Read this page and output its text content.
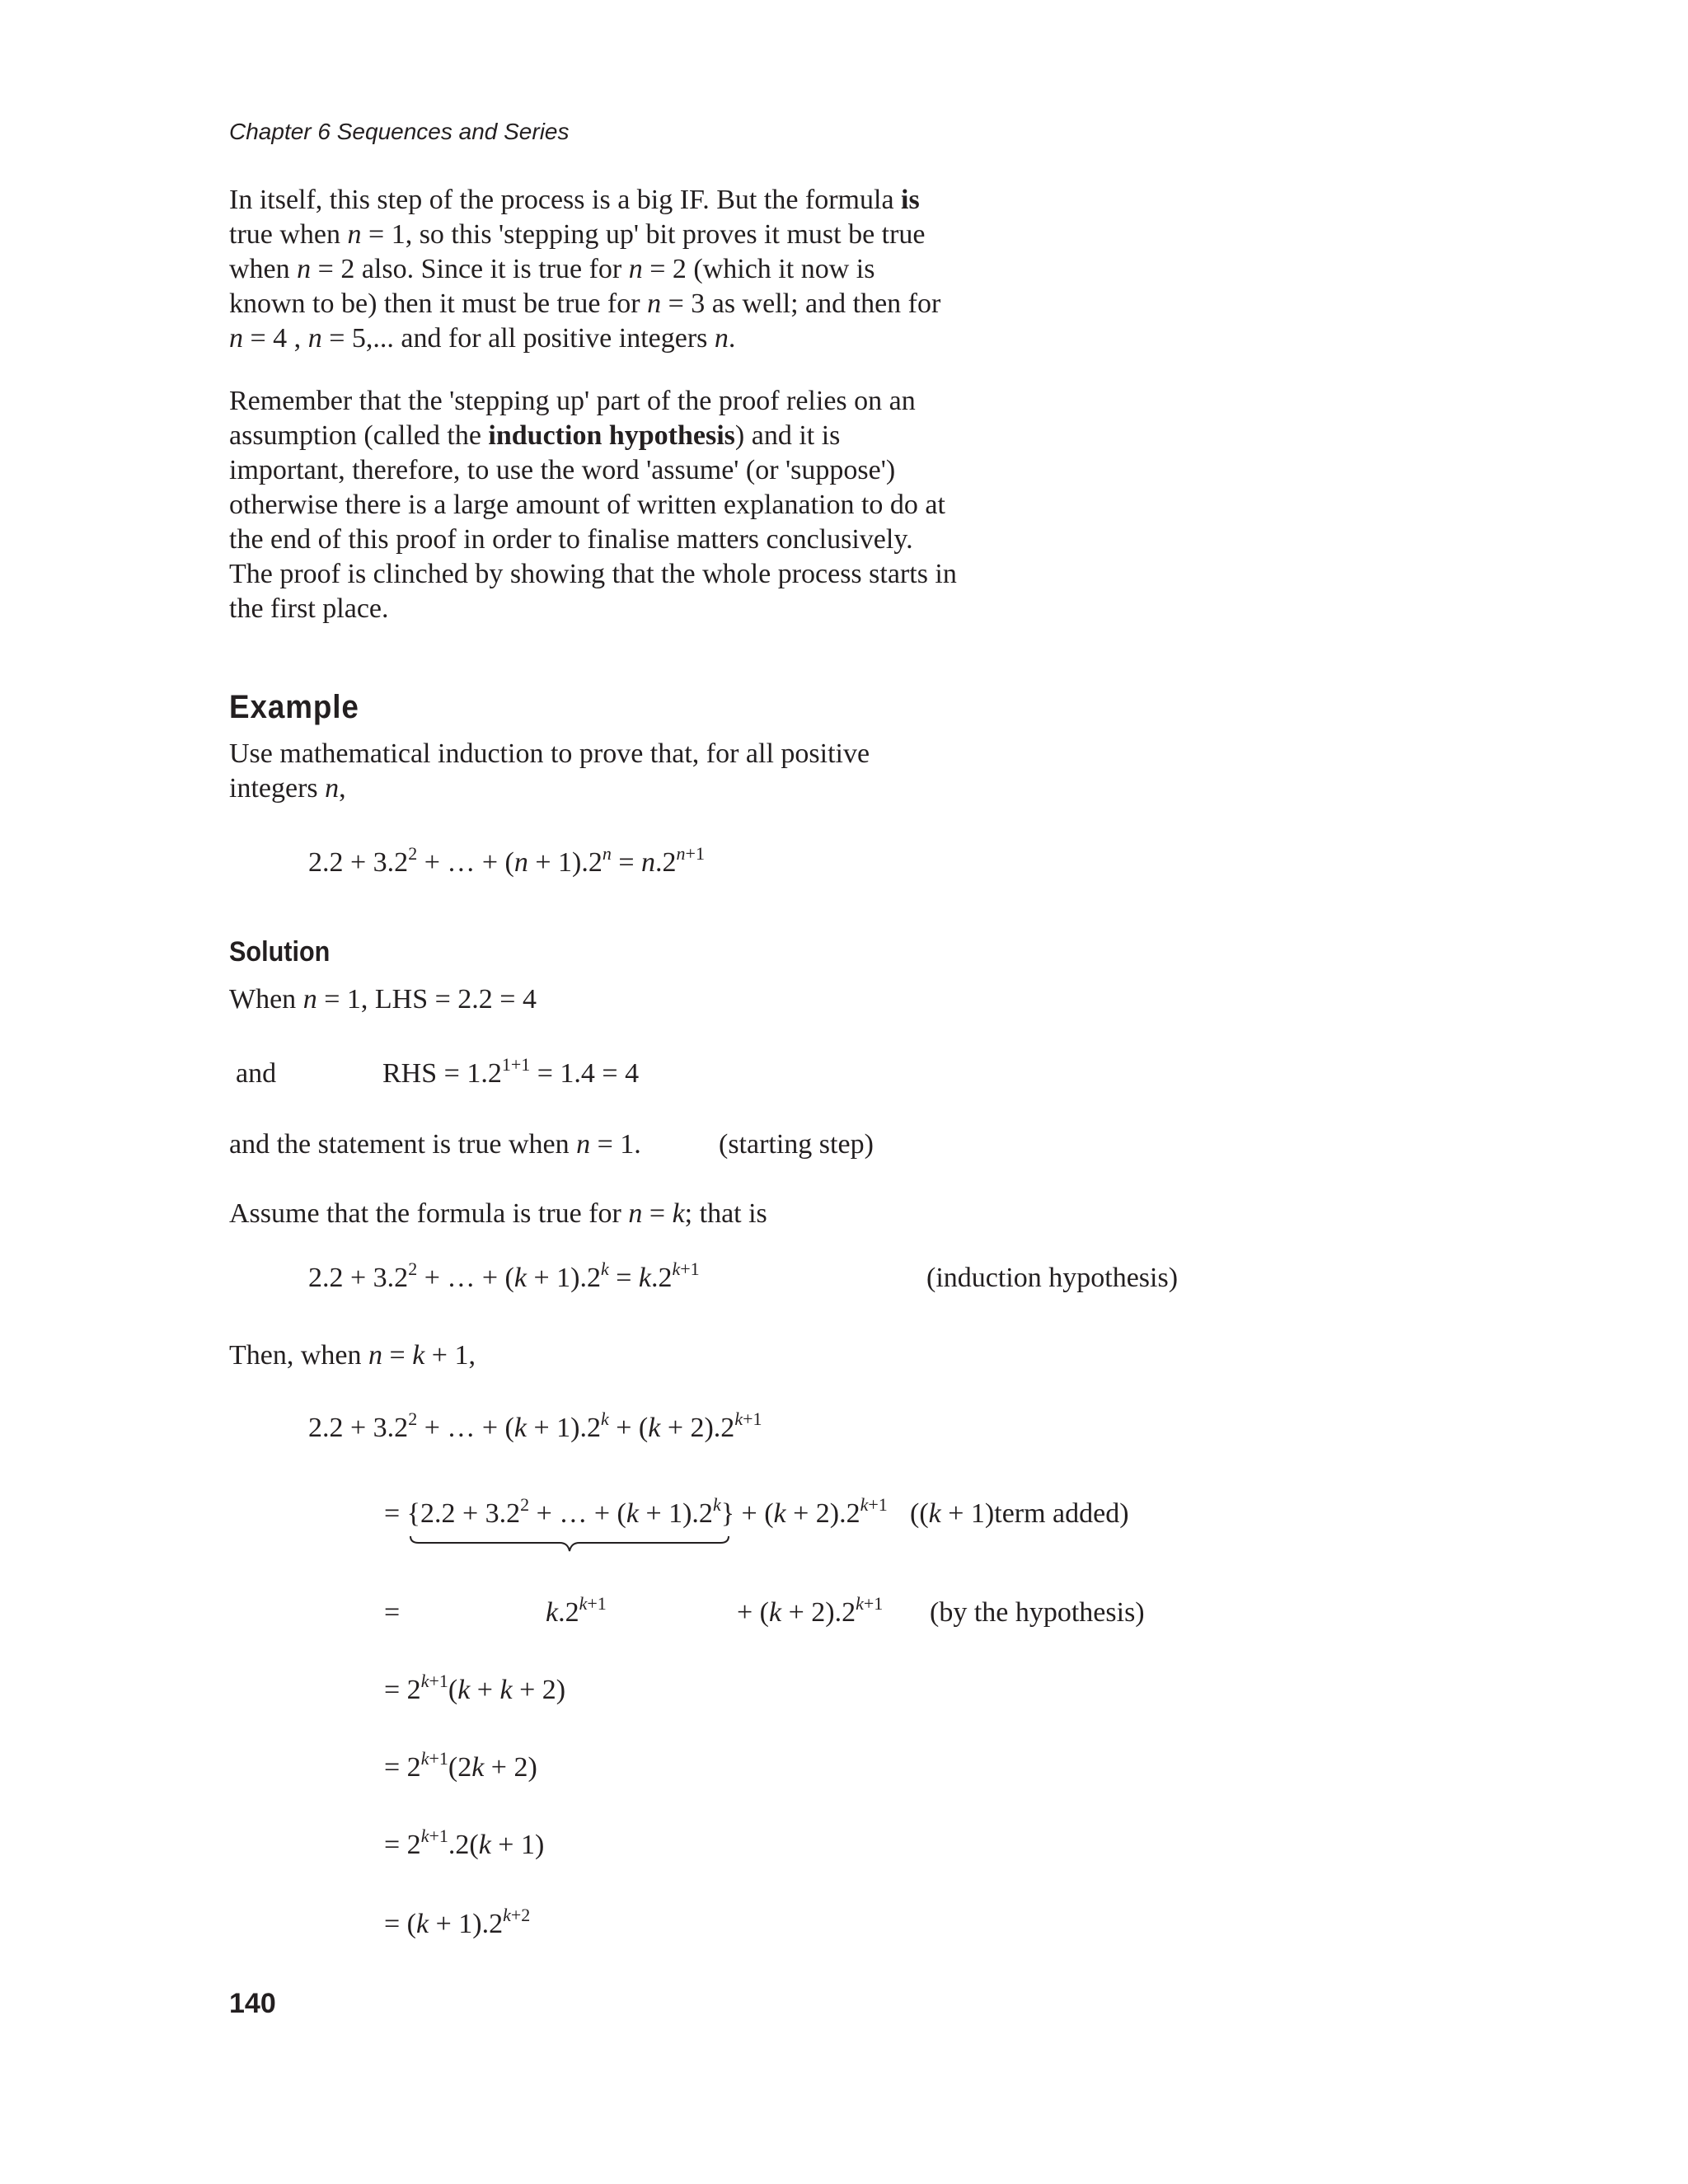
Chapter 6 Sequences and Series
In itself, this step of the process is a big IF. But the formula is
true when n = 1, so this 'stepping up' bit proves it must be true
when n = 2 also. Since it is true for n = 2 (which it now is
known to be) then it must be true for n = 3 as well; and then for
n = 4 , n = 5,... and for all positive integers n.
Remember that the 'stepping up' part of the proof relies on an
assumption (called the induction hypothesis) and it is
important, therefore, to use the word 'assume' (or 'suppose')
otherwise there is a large amount of written explanation to do at
the end of this proof in order to finalise matters conclusively.
The proof is clinched by showing that the whole process starts in
the first place.
Example
Use mathematical induction to prove that, for all positive
integers n,
$2.2 + 3.2^2$ + … + $(n + 1).2^n = n.2^{n+1}$
Solution
When n = 1, LHS = 2.2 = 4
and	RHS = $1.2^{1+1} = 1.4 = 4$
and the statement is true when n = 1.	(starting step)
Assume that the formula is true for n = k; that is
$2.2 + 3.2^2$ + … + $(k + 1).2^k = k.2^{k+1}$	(induction hypothesis)
Then, when n = k + 1,
$2.2 + 3.2^2$ + … + $(k + 1).2^k + (k + 2).2^{k+1}$
= {$2.2 + 3.2^2$ + … + $(k + 1).2^k\} + (k + 2).2^{k+1}$ ((k + 1)term added)
=	$k.2^{k+1}$	+ $(k + 2).2^{k+1}$ (by the hypothesis)
= $2^{k+1}(k + k + 2)$
= $2^{k+1}(2k + 2)$
= $2^{k+1}.2(k + 1)$
= $(k + 1).2^{k+2}$
140
